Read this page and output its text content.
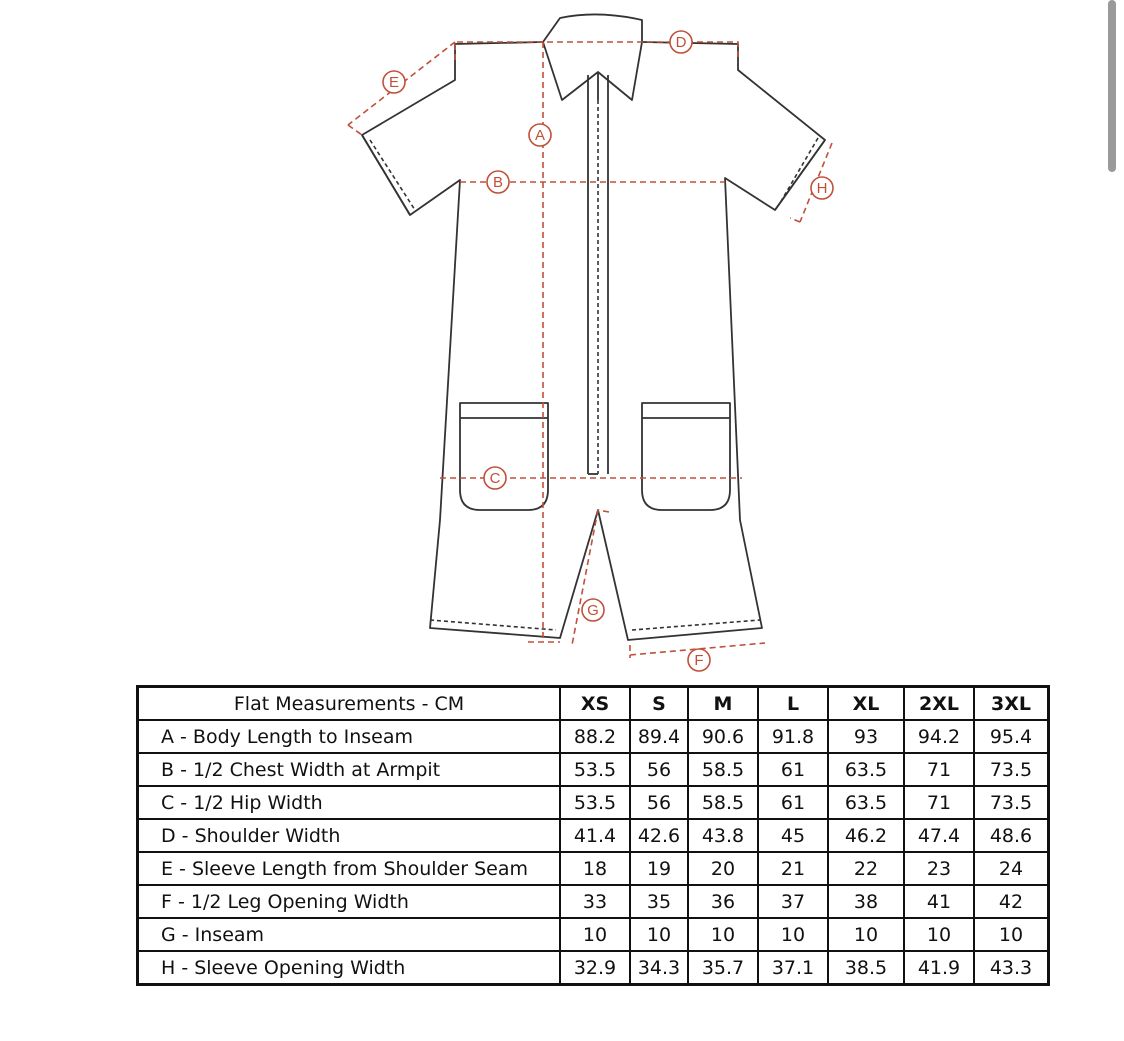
A
B
C
D
E
F
G
H
Flat Measurements - CM	XS	S	M	L	XL	2XL	3XL
A - Body Length to Inseam	88.2	89.4	90.6	91.8	93	94.2	95.4
B - 1/2 Chest Width at Armpit	53.5	56	58.5	61	63.5	71	73.5
C - 1/2 Hip Width	53.5	56	58.5	61	63.5	71	73.5
D - Shoulder Width	41.4	42.6	43.8	45	46.2	47.4	48.6
E - Sleeve Length from Shoulder Seam	18	19	20	21	22	23	24
F - 1/2 Leg Opening Width	33	35	36	37	38	41	42
G - Inseam	10	10	10	10	10	10	10
H - Sleeve Opening Width	32.9	34.3	35.7	37.1	38.5	41.9	43.3
